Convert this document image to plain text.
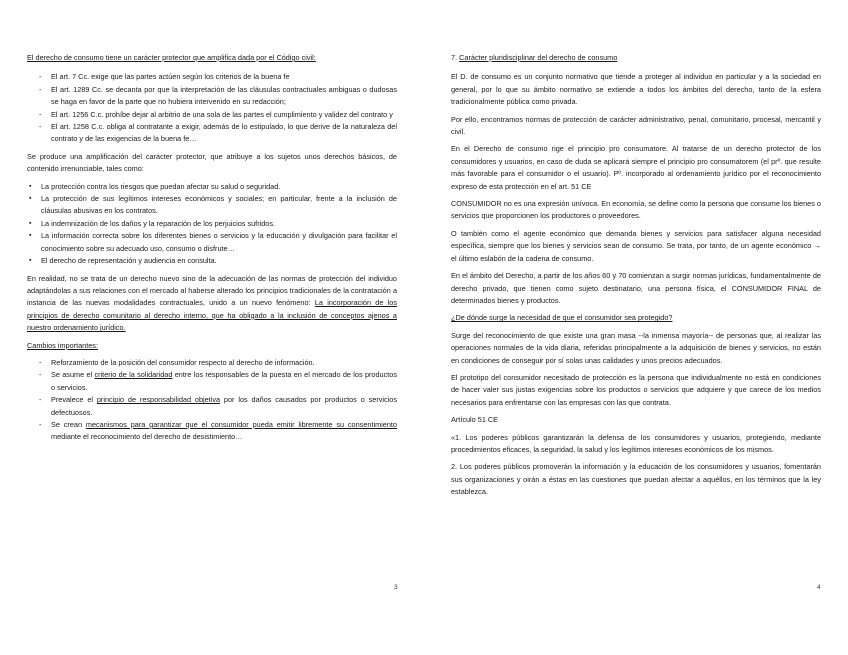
El derecho de consumo tiene un carácter protector que amplifica dada por el Código civil:

- El art. 7 Cc. exige que las partes actúen según los criterios de la buena fe
- El art. 1289 Cc. se decanta por que la interpretación de las cláusulas contractuales ambiguas o dudosas se haga en favor de la parte que no hubiera intervenido en su redacción;
- El art. 1256 C.c. prohíbe dejar al arbitrio de una sola de las partes el cumplimiento y validez del contrato y
- El art. 1258 C.c. obliga al contratante a exigir, además de lo estipulado, lo que derive de la naturaleza del contrato y de las exigencias de la buena fe…

Se produce una amplificación del carácter protector, que atribuye a los sujetos unos derechos básicos, de contenido irrenunciable, tales como:

▪ La protección contra los riesgos que puedan afectar su salud o seguridad.
▪ La protección de sus legítimos intereses económicos y sociales; en particular, frente a la inclusión de cláusulas abusivas en los contratos.
▪ La indemnización de los daños y la reparación de los perjuicios sufridos.
▪ La información correcta sobre los diferentes bienes o servicios y la educación y divulgación para facilitar el conocimiento sobre su adecuado uso, consumo o disfrute…
▪ El derecho de representación y audiencia en consulta.

En realidad, no se trata de un derecho nuevo sino de la adecuación de las normas de protección del individuo adaptándolas a sus relaciones con el mercado al haberse alterado los principios tradicionales de la contratación a instancia de las nuevas modalidades contractuales, unido a un nuevo fenómeno: La incorporación de los principios de derecho comunitario al derecho interno, que ha obligado a la inclusión de conceptos ajenos a nuestro ordenamiento jurídico.

Cambios importantes:

- Reforzamiento de la posición del consumidor respecto al derecho de información.
- Se asume el criterio de la solidaridad entre los responsables de la puesta en el mercado de los productos o servicios.
- Prevalece el principio de responsabilidad objetiva por los daños causados por productos o servicios defectuosos.
- Se crean mecanismos para garantizar que el consumidor pueda emitir libremente su consentimiento mediante el reconocimiento del derecho de desistimiento…
3

7. Carácter pluridisciplinar del derecho de consumo

El D. de consumo es un conjunto normativo que tiende a proteger al individuo en particular y a la sociedad en general, por lo que su ámbito normativo se extiende a todos los ámbitos del derecho, tanto de la esfera tradicionalmente pública como privada.

Por ello, encontramos normas de protección de carácter administrativo, penal, comunitario, procesal, mercantil y civil.

En el Derecho de consumo rige el principio pro consumatore. Al tratarse de un derecho protector de los consumidores y usuarios, en caso de duda se aplicará siempre el principio pro consumatorem (el prº. que resulte más favorable para el consumidor o el usuario). Pº. incorporado al ordenamiento jurídico por el reconocimiento expreso de esta protección en el art. 51 CE

CONSUMIDOR no es una expresión unívoca. En economía, se define como la persona que consume los bienes o servicios que proporcionen los productores o proveedores.

O también como el agente económico que demanda bienes y servicios para satisfacer alguna necesidad específica, siempre que los bienes y servicios sean de consumo. Se trata, por tanto, de un agente económico → el último eslabón de la cadena de consumo.

En el ámbito del Derecho, a partir de los años 60 y 70 comienzan a surgir normas jurídicas, fundamentalmente de derecho privado, que tienen como sujeto destinatario, una persona física, el CONSUMIDOR FINAL de determinados bienes y productos.

¿De dónde surge la necesidad de que el consumidor sea protegido?

Surge del reconocimiento de que existe una gran masa --la inmensa mayoría-- de personas que, al realizar las operaciones normales de la vida diaria, referidas principalmente a la adquisición de bienes y servicios, no están en condiciones de conseguir por sí solas unas calidades y unos precios adecuados.

El prototipo del consumidor necesitado de protección es la persona que individualmente no está en condiciones de hacer valer sus justas exigencias sobre los productos o servicios que adquiere y que carece de los medios necesarios para enfrentarse con las empresas con las que contrata.

Artículo 51 CE

«1. Los poderes públicos garantizarán la defensa de los consumidores y usuarios, protegiendo, mediante procedimientos eficaces, la seguridad, la salud y los legítimos intereses económicos de los mismos.

2. Los poderes públicos promoverán la información y la educación de los consumidores y usuarios, fomentarán sus organizaciones y oirán a éstas en las cuestiones que puedan afectar a aquéllos, en los términos que la ley establezca.

4
